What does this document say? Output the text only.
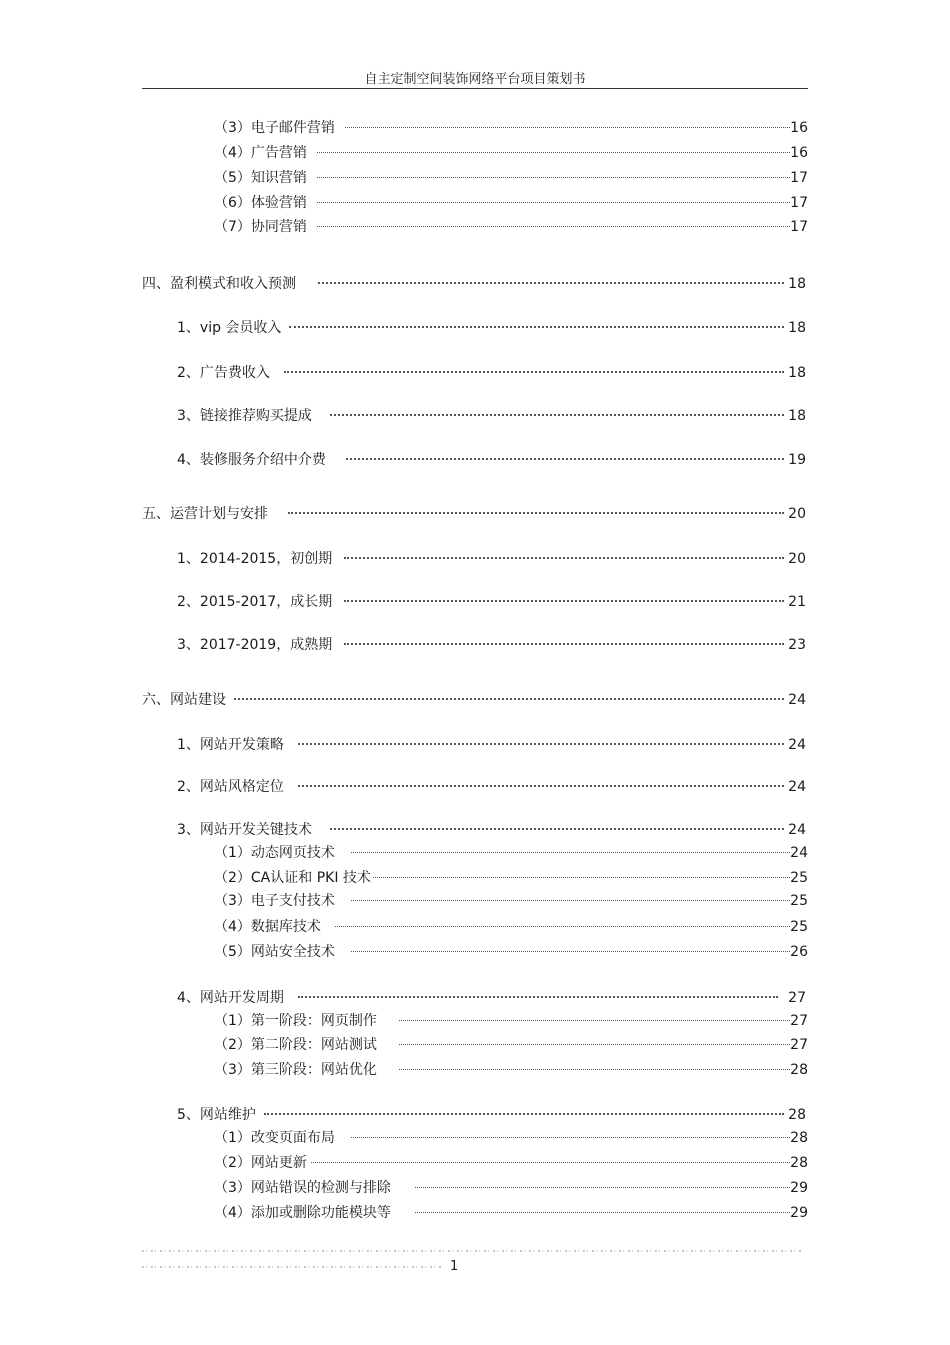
自主定制空间装饰网络平台项目策划书
（3）电子邮件营销	16
（4）广告营销	16
（5）知识营销	17
（6）体验营销	17
（7）协同营销	17
四、盈利模式和收入预测	18
1、vip 会员收入	18
2、广告费收入	18
3、链接推荐购买提成	18
4、装修服务介绍中介费	19
五、运营计划与安排	20
1、2014-2015，初创期	20
2、2015-2017，成长期	21
3、2017-2019，成熟期	23
六、网站建设	24
1、网站开发策略	24
2、网站风格定位	24
3、网站开发关键技术	24
（1）动态网页技术	24
（2）CA认证和 PKI 技术	25
（3）电子支付技术	25
（4）数据库技术	25
（5）网站安全技术	26
4、网站开发周期	27
（1）第一阶段：网页制作	27
（2）第二阶段：网站测试	27
（3）第三阶段：网站优化	28
5、网站维护	28
（1）改变页面布局	28
（2）网站更新	28
（3）网站错误的检测与排除	29
（4）添加或删除功能模块等	29
1
